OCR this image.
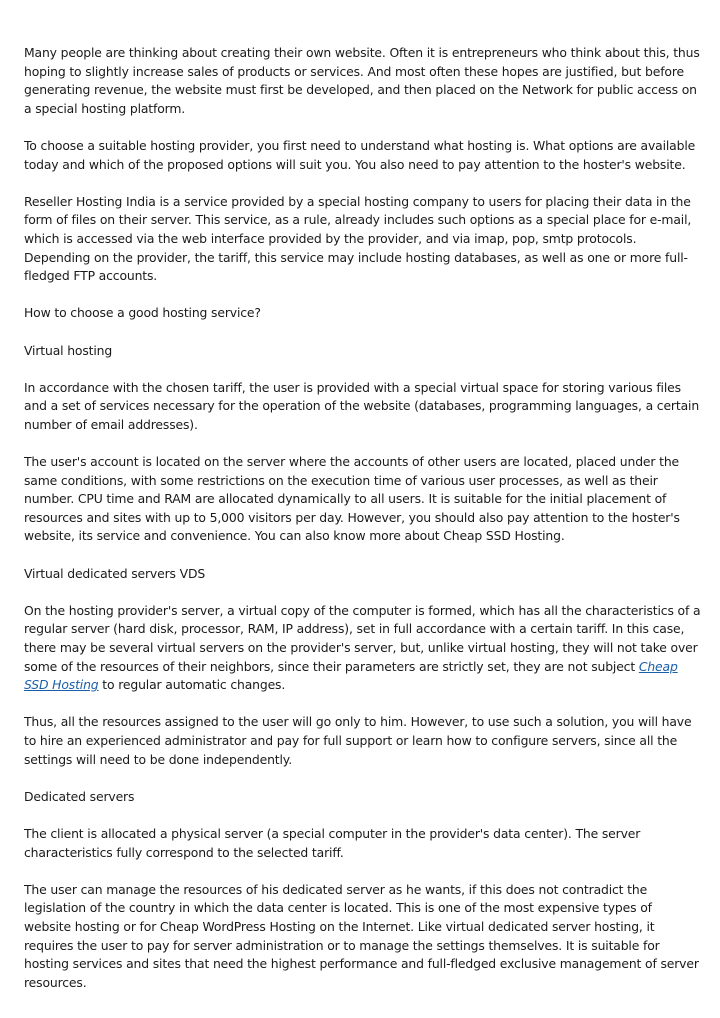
Many people are thinking about creating their own website. Often it is entrepreneurs who think about this, thus hoping to slightly increase sales of products or services. And most often these hopes are justified, but before generating revenue, the website must first be developed, and then placed on the Network for public access on a special hosting platform.

To choose a suitable hosting provider, you first need to understand what hosting is. What options are available today and which of the proposed options will suit you. You also need to pay attention to the hoster's website.

Reseller Hosting India is a service provided by a special hosting company to users for placing their data in the form of files on their server. This service, as a rule, already includes such options as a special place for e-mail, which is accessed via the web interface provided by the provider, and via imap, pop, smtp protocols. Depending on the provider, the tariff, this service may include hosting databases, as well as one or more full-fledged FTP accounts.

How to choose a good hosting service?

Virtual hosting

In accordance with the chosen tariff, the user is provided with a special virtual space for storing various files and a set of services necessary for the operation of the website (databases, programming languages, a certain number of email addresses).

The user's account is located on the server where the accounts of other users are located, placed under the same conditions, with some restrictions on the execution time of various user processes, as well as their number. CPU time and RAM are allocated dynamically to all users. It is suitable for the initial placement of resources and sites with up to 5,000 visitors per day. However, you should also pay attention to the hoster's website, its service and convenience. You can also know more about Cheap SSD Hosting.

Virtual dedicated servers VDS

On the hosting provider's server, a virtual copy of the computer is formed, which has all the characteristics of a regular server (hard disk, processor, RAM, IP address), set in full accordance with a certain tariff. In this case, there may be several virtual servers on the provider's server, but, unlike virtual hosting, they will not take over some of the resources of their neighbors, since their parameters are strictly set, they are not subject Cheap SSD Hosting to regular automatic changes.

Thus, all the resources assigned to the user will go only to him. However, to use such a solution, you will have to hire an experienced administrator and pay for full support or learn how to configure servers, since all the settings will need to be done independently.

Dedicated servers

The client is allocated a physical server (a special computer in the provider's data center). The server characteristics fully correspond to the selected tariff.

The user can manage the resources of his dedicated server as he wants, if this does not contradict the legislation of the country in which the data center is located. This is one of the most expensive types of website hosting or for Cheap WordPress Hosting on the Internet. Like virtual dedicated server hosting, it requires the user to pay for server administration or to manage the settings themselves. It is suitable for hosting services and sites that need the highest performance and full-fledged exclusive management of server resources.
